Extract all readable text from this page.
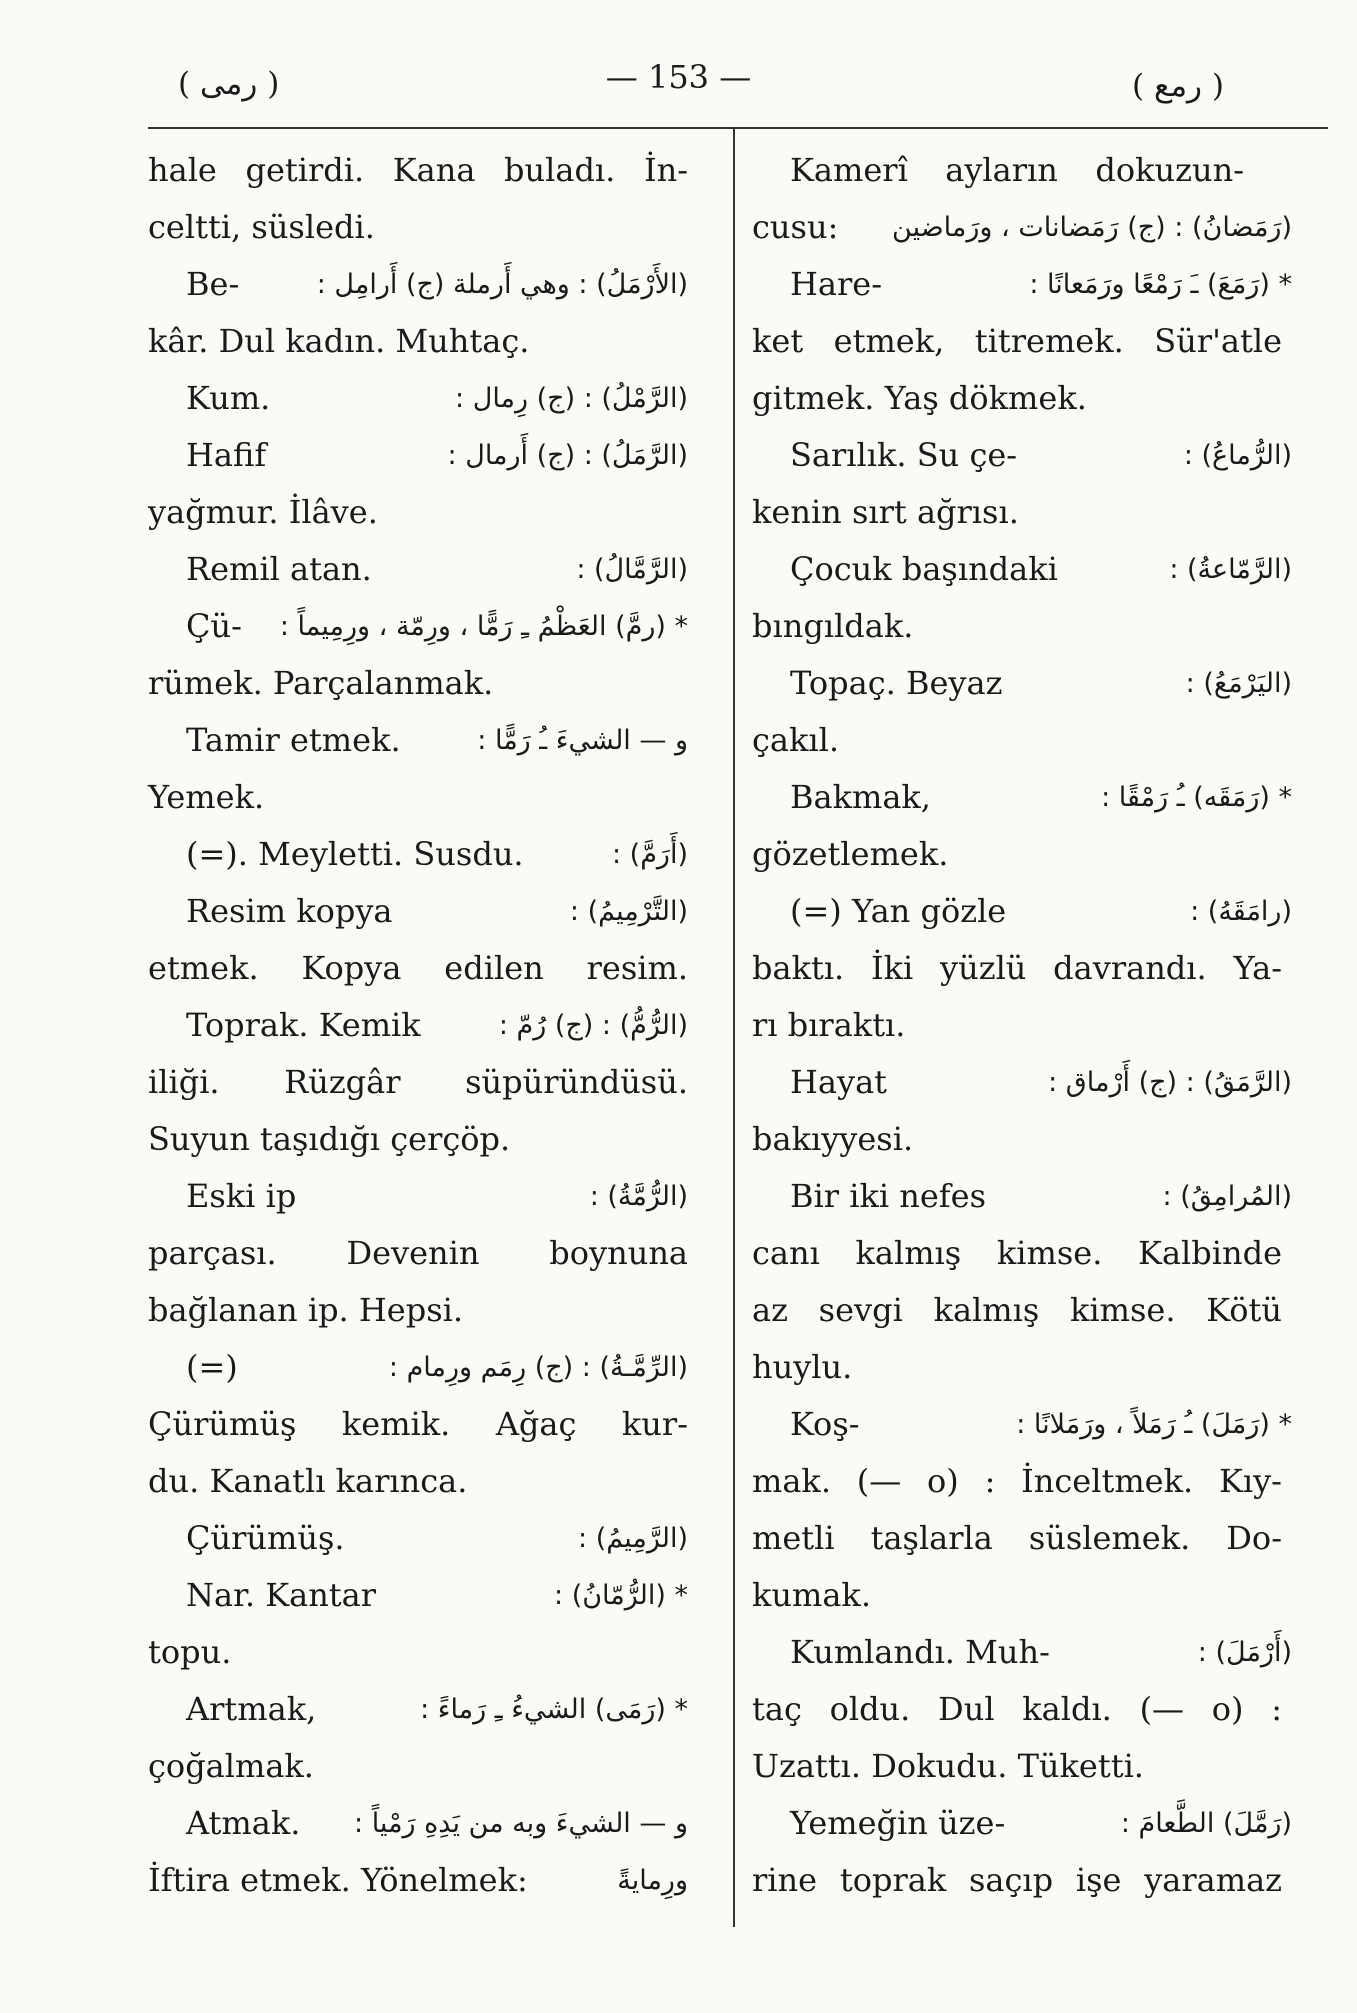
— 153 —
( رمی )	( رمع )
hale getirdi. Kana buladı. İn-
celtti, süsledi.
Be-	(الأَرْمَلُ) : وهي أَرملة (ج) أَرامِل :
kâr. Dul kadın. Muhtaç.
Kum.	(الرَّمْلُ) : (ج) رِمال :
Hafif	(الرَّمَلُ) : (ج) أَرمال :
yağmur. İlâve.
Remil atan.	(الرَّمَّالُ) :
Çü- * (رمَّ) العَظْمُ ـِ رَمًّا ، ورِمّة ، ورِمِيماً :
rümek. Parçalanmak.
Tamir etmek.	و — الشيءَ ـُ رَمًّا :
Yemek.
(=). Meyletti. Susdu.	(أَرَمَّ) :
Resim kopya	(التَّرْمِيمُ) :
etmek. Kopya edilen resim.
Toprak. Kemik	(الرُّمُّ) : (ج) رُمّ :
iliği. Rüzgâr süpüründüsü.
Suyun taşıdığı çerçöp.
Eski ip	(الرُّمَّةُ) :
parçası. Devenin boynuna
bağlanan ip. Hepsi.
(=)	(الرِّمَّـةُ) : (ج) رِمَم ورِمام :
Çürümüş kemik. Ağaç kur-
du. Kanatlı karınca.
Çürümüş.	(الرَّمِيمُ) :
Nar. Kantar	* (الرُّمّانُ) :
topu.
Artmak,	* (رَمَى) الشيءُ ـِ رَماءً :
çoğalmak.
Atmak. و — الشيءَ وبه من يَدِهِ رَمْياً :
İftira etmek. Yönelmek:	ورِمايةً
Kamerî ayların dokuzun-
cusu: (رَمَضانُ) : (ج) رَمَضانات ، ورَماضين
Hare-	* (رَمَعَ) ـَ رَمْعًا ورَمَعانًا :
ket etmek, titremek. Sür'atle
gitmek. Yaş dökmek.
Sarılık. Su çe-	(الرُّماعُ) :
kenin sırt ağrısı.
Çocuk başındaki	(الرَّمّاعةُ) :
bıngıldak.
Topaç. Beyaz	(اليَرْمَعُ) :
çakıl.
Bakmak,	* (رَمَقَه) ـُ رَمْقًا :
gözetlemek.
(=) Yan gözle	(رامَقَهُ) :
baktı. İki yüzlü davrandı. Ya-
rı bıraktı.
Hayat	(الرَّمَقُ) : (ج) أَرْماق :
bakıyyesi.
Bir iki nefes	(المُرامِقُ) :
canı kalmış kimse. Kalbinde
az sevgi kalmış kimse. Kötü
huylu.
Koş-	* (رَمَلَ) ـُ رَمَلاً ، ورَمَلانًا :
mak. (— o) : İnceltmek. Kıy-
metli taşlarla süslemek. Do-
kumak.
Kumlandı. Muh-	(أَرْمَلَ) :
taç oldu. Dul kaldı. (— o) :
Uzattı. Dokudu. Tüketti.
Yemeğin üze-	(رَمَّلَ) الطَّعامَ :
rine toprak saçıp işe yaramaz
